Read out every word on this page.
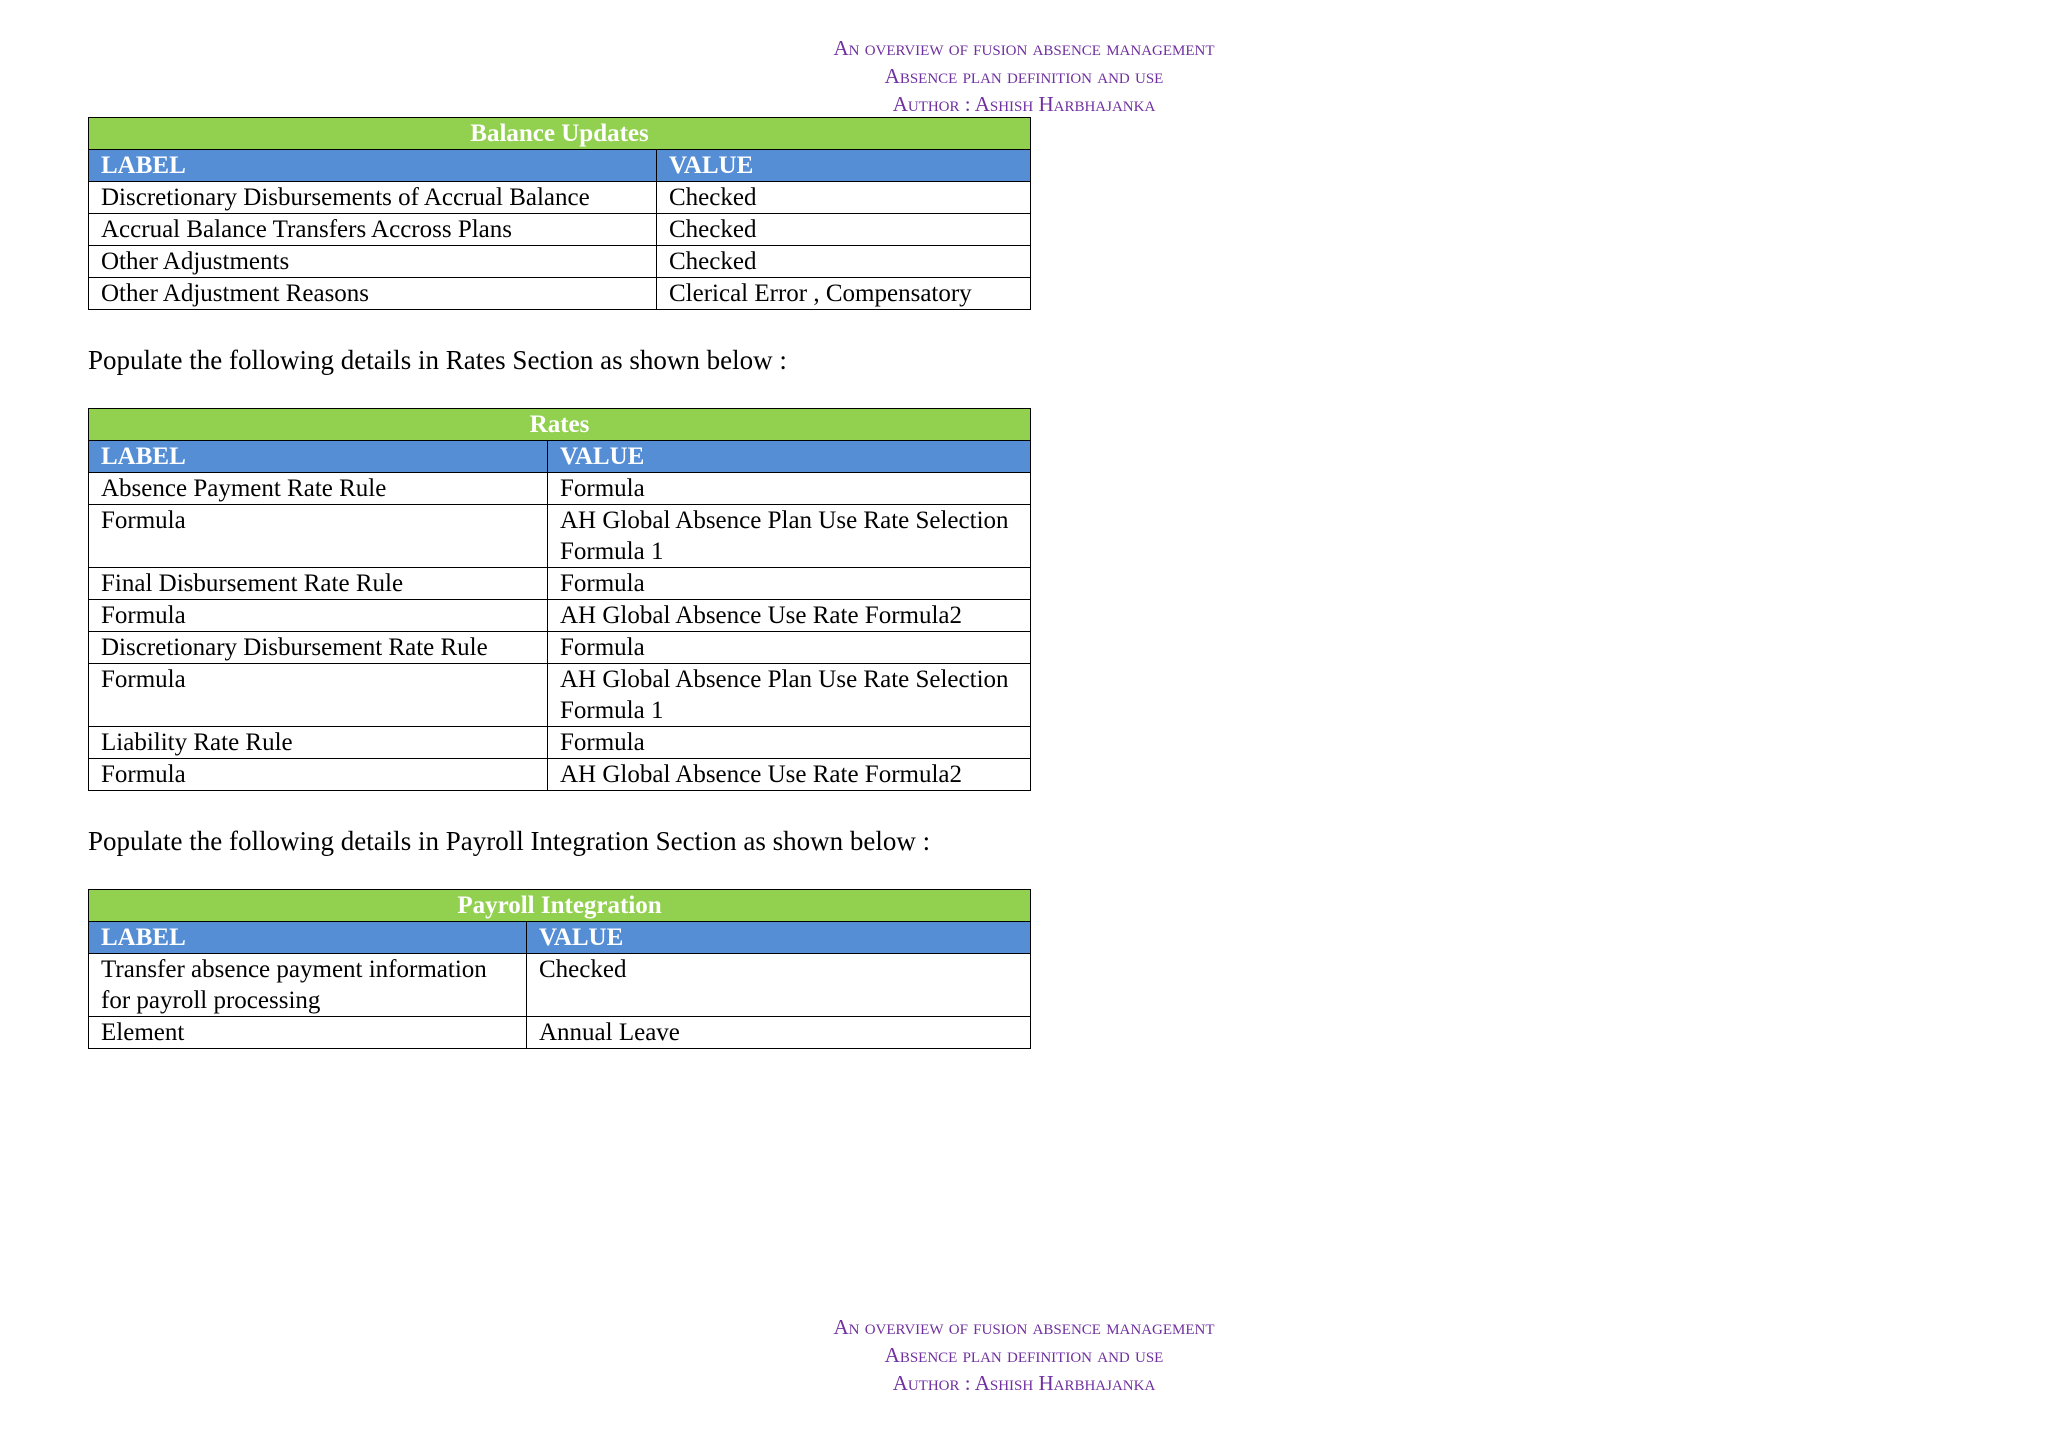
An overview of fusion absence management
Absence plan definition and use
Author : Ashish Harbhajanka
Balance Updates	
LABEL	VALUE
Discretionary Disbursements of Accrual Balance	Checked
Accrual Balance Transfers Accross Plans	Checked
Other Adjustments	Checked
Other Adjustment Reasons	Clerical Error , Compensatory
Populate the following details in Rates Section as shown below :
Rates	
LABEL	VALUE
Absence Payment Rate Rule	Formula
Formula	AH Global Absence Plan Use Rate Selection Formula 1
Final Disbursement Rate Rule	Formula
Formula	AH Global Absence Use Rate Formula2
Discretionary Disbursement Rate Rule	Formula
Formula	AH Global Absence Plan Use Rate Selection Formula 1
Liability Rate Rule	Formula
Formula	AH Global Absence Use Rate Formula2
Populate the following details in Payroll Integration Section as shown below :
Payroll Integration	
LABEL	VALUE
Transfer absence payment information for payroll processing	Checked
Element	Annual Leave
An overview of fusion absence management
Absence plan definition and use
Author : Ashish Harbhajanka
